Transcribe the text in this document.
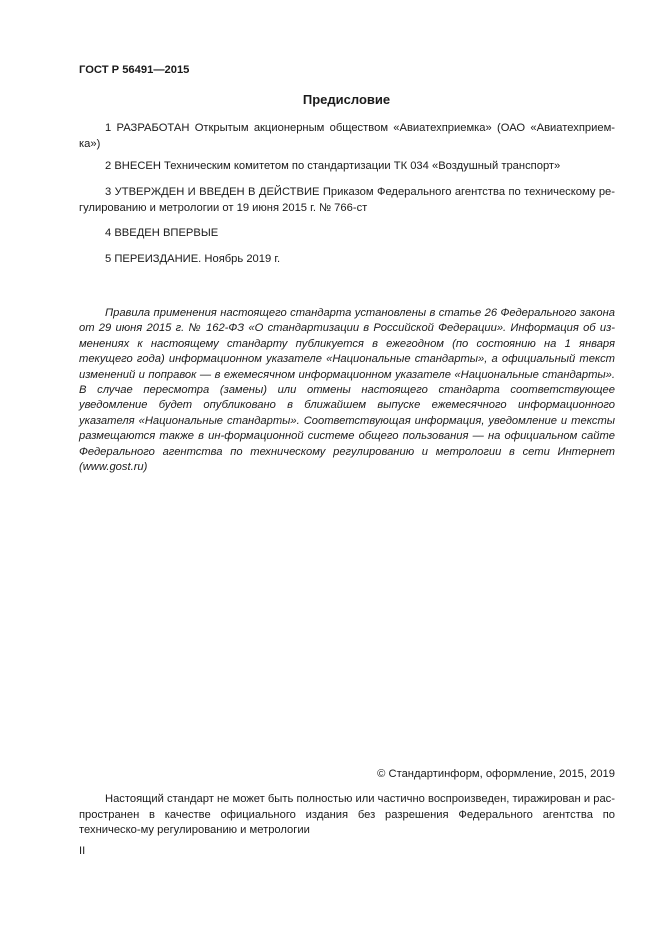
ГОСТ Р 56491—2015
Предисловие

1 РАЗРАБОТАН Открытым акционерным обществом «Авиатехприемка» (ОАО «Авиатехприем-ка»)

2 ВНЕСЕН Техническим комитетом по стандартизации ТК 034 «Воздушный транспорт»

3 УТВЕРЖДЕН И ВВЕДЕН В ДЕЙСТВИЕ Приказом Федерального агентства по техническому ре-гулированию и метрологии от 19 июня 2015 г. № 766-ст

4 ВВЕДЕН ВПЕРВЫЕ

5 ПЕРЕИЗДАНИЕ. Ноябрь 2019 г.

Правила применения настоящего стандарта установлены в статье 26 Федерального закона от 29 июня 2015 г. № 162-ФЗ «О стандартизации в Российской Федерации». Информация об из-менениях к настоящему стандарту публикуется в ежегодном (по состоянию на 1 января текущего года) информационном указателе «Национальные стандарты», а официальный текст изменений и поправок — в ежемесячном информационном указателе «Национальные стандарты». В случае пересмотра (замены) или отмены настоящего стандарта соответствующее уведомление будет опубликовано в ближайшем выпуске ежемесячного информационного указателя «Национальные стандарты». Соответствующая информация, уведомление и тексты размещаются также в ин-формационной системе общего пользования — на официальном сайте Федерального агентства по техническому регулированию и метрологии в сети Интернет (www.gost.ru)

© Стандартинформ, оформление, 2015, 2019

Настоящий стандарт не может быть полностью или частично воспроизведен, тиражирован и рас-пространен в качестве официального издания без разрешения Федерального агентства по техническо-му регулированию и метрологии

II
